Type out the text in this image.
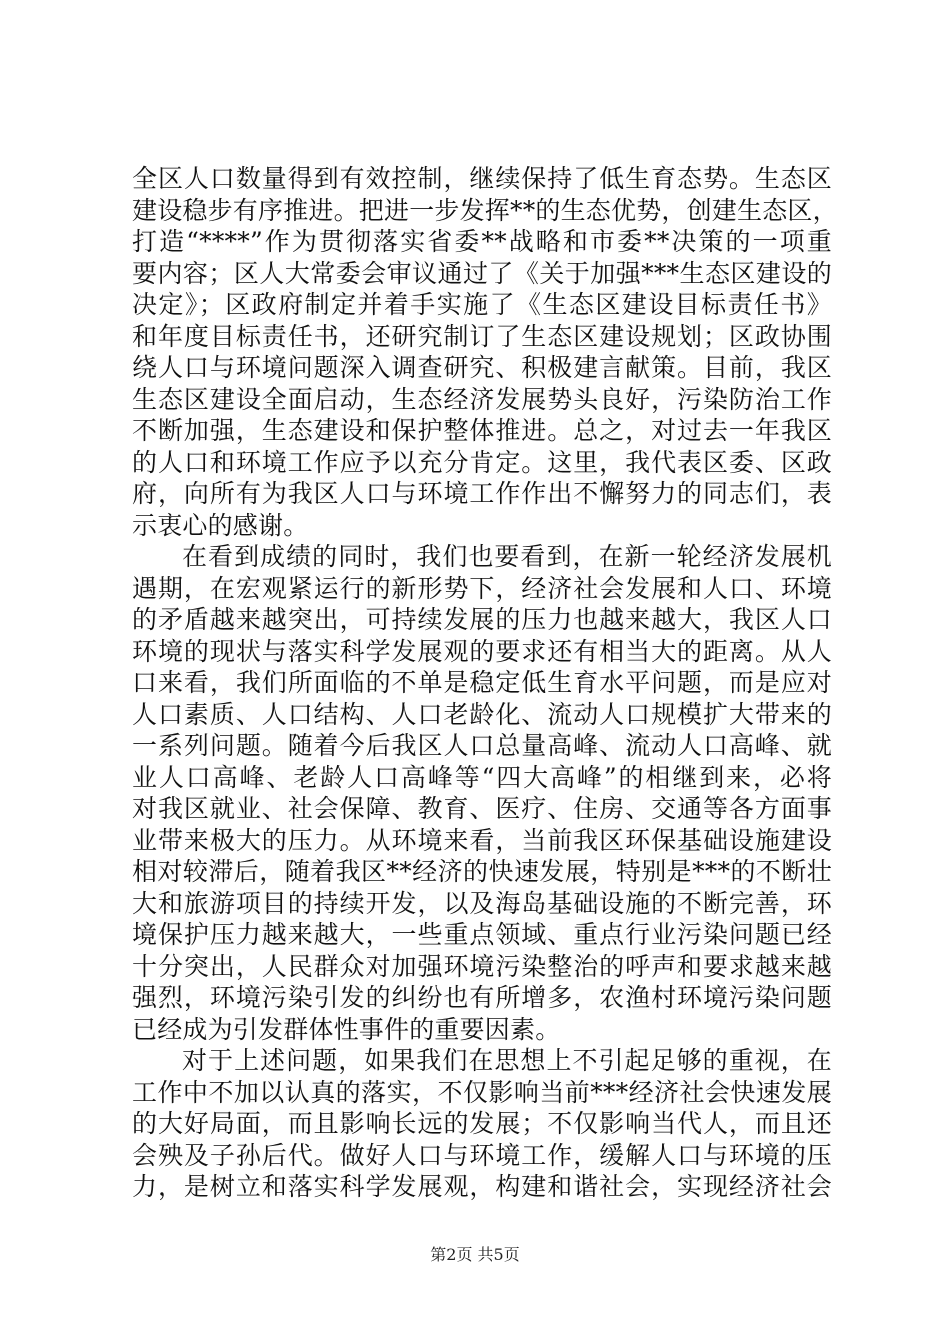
全区人口数量得到有效控制，继续保持了低生育态势。生态区
建设稳步有序推进。把进一步发挥**的生态优势，创建生态区，
打造“****”作为贯彻落实省委**战略和市委**决策的一项重
要内容；区人大常委会审议通过了《关于加强***生态区建设的
决定》；区政府制定并着手实施了《生态区建设目标责任书》
和年度目标责任书，还研究制订了生态区建设规划；区政协围
绕人口与环境问题深入调查研究、积极建言献策。目前，我区
生态区建设全面启动，生态经济发展势头良好，污染防治工作
不断加强，生态建设和保护整体推进。总之，对过去一年我区
的人口和环境工作应予以充分肯定。这里，我代表区委、区政
府，向所有为我区人口与环境工作作出不懈努力的同志们，表
示衷心的感谢。
在看到成绩的同时，我们也要看到，在新一轮经济发展机
遇期，在宏观紧运行的新形势下，经济社会发展和人口、环境
的矛盾越来越突出，可持续发展的压力也越来越大，我区人口
环境的现状与落实科学发展观的要求还有相当大的距离。从人
口来看，我们所面临的不单是稳定低生育水平问题，而是应对
人口素质、人口结构、人口老龄化、流动人口规模扩大带来的
一系列问题。随着今后我区人口总量高峰、流动人口高峰、就
业人口高峰、老龄人口高峰等“四大高峰”的相继到来，必将
对我区就业、社会保障、教育、医疗、住房、交通等各方面事
业带来极大的压力。从环境来看，当前我区环保基础设施建设
相对较滞后，随着我区**经济的快速发展，特别是***的不断壮
大和旅游项目的持续开发，以及海岛基础设施的不断完善，环
境保护压力越来越大，一些重点领域、重点行业污染问题已经
十分突出，人民群众对加强环境污染整治的呼声和要求越来越
强烈，环境污染引发的纠纷也有所增多，农渔村环境污染问题
已经成为引发群体性事件的重要因素。
对于上述问题，如果我们在思想上不引起足够的重视，在
工作中不加以认真的落实，不仅影响当前***经济社会快速发展
的大好局面，而且影响长远的发展；不仅影响当代人，而且还
会殃及子孙后代。做好人口与环境工作，缓解人口与环境的压
力，是树立和落实科学发展观，构建和谐社会，实现经济社会
第2页 共5页
